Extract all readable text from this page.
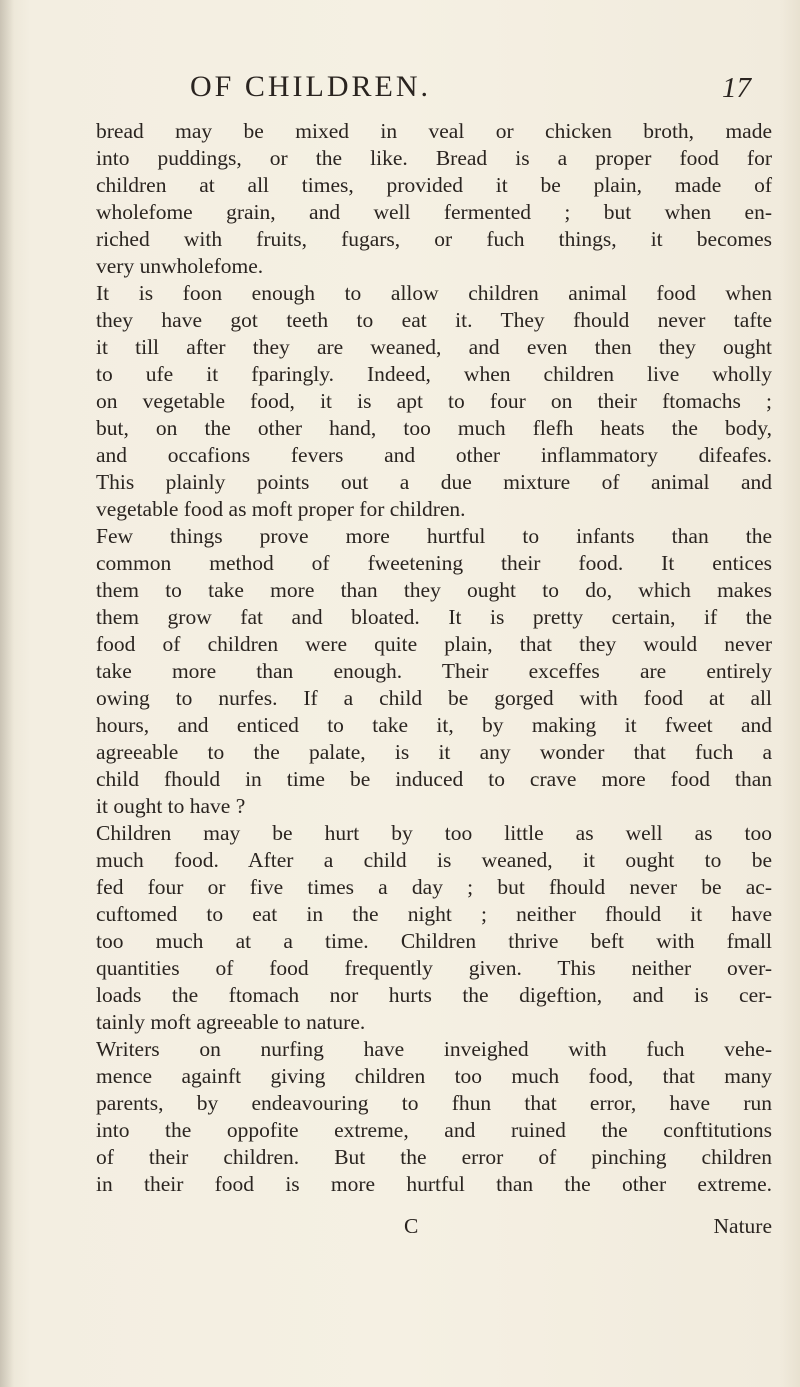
OF CHILDREN.	17
bread may be mixed in veal or chicken broth, made
into puddings, or the like. Bread is a proper food for
children at all times, provided it be plain, made of
wholefome grain, and well fermented ; but when en-
riched with fruits, fugars, or fuch things, it becomes
very unwholefome.
It is foon enough to allow children animal food when
they have got teeth to eat it. They fhould never tafte
it till after they are weaned, and even then they ought
to ufe it fparingly. Indeed, when children live wholly
on vegetable food, it is apt to four on their ftomachs ;
but, on the other hand, too much flefh heats the body,
and occafions fevers and other inflammatory difeafes.
This plainly points out a due mixture of animal and
vegetable food as moft proper for children.
Few things prove more hurtful to infants than the
common method of fweetening their food. It entices
them to take more than they ought to do, which makes
them grow fat and bloated. It is pretty certain, if the
food of children were quite plain, that they would never
take more than enough. Their exceffes are entirely
owing to nurfes. If a child be gorged with food at all
hours, and enticed to take it, by making it fweet and
agreeable to the palate, is it any wonder that fuch a
child fhould in time be induced to crave more food than
it ought to have ?
Children may be hurt by too little as well as too
much food. After a child is weaned, it ought to be
fed four or five times a day ; but fhould never be ac-
cuftomed to eat in the night ; neither fhould it have
too much at a time. Children thrive beft with fmall
quantities of food frequently given. This neither over-
loads the ftomach nor hurts the digeftion, and is cer-
tainly moft agreeable to nature.
Writers on nurfing have inveighed with fuch vehe-
mence againft giving children too much food, that many
parents, by endeavouring to fhun that error, have run
into the oppofite extreme, and ruined the conftitutions
of their children. But the error of pinching children
in their food is more hurtful than the other extreme.
C	Nature
